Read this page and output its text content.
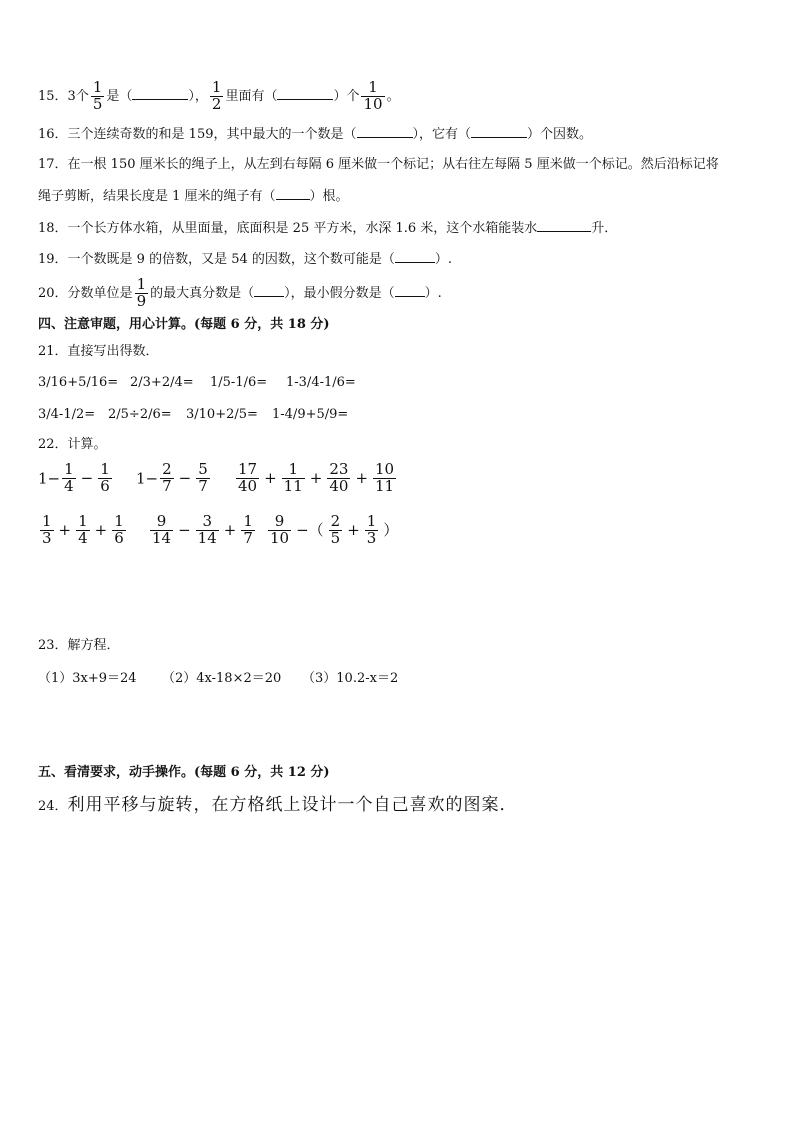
15．3个 $\frac{1}{5}$ 是（	）， $\frac{1}{2}$ 里面有（	）个 $\frac{1}{10}$ 。
16．三个连续奇数的和是 159，其中最大的一个数是（	），它有（	）个因数。
17．在一根 150 厘米长的绳子上，从左到右每隔 6 厘米做一个标记；从右往左每隔 5 厘米做一个标记。然后沿标记将
绳子剪断，结果长度是 1 厘米的绳子有（	）根。
18．一个长方体水箱，从里面量，底面积是 25 平方米，水深 1.6 米，这个水箱能装水	升．
19．一个数既是 9 的倍数，又是 54 的因数，这个数可能是（	）.
20．分数单位是 $\frac{1}{9}$ 的最大真分数是（ ），最小假分数是（ ）.
四、注意审题，用心计算。(每题 6 分，共 18 分)
21．直接写出得数．
3/16+5/16= 2/3+2/4= 1/5-1/6= 1-3/4-1/6=
3/4-1/2= 2/5÷2/6= 3/10+2/5= 1-4/9+5/9=
22．计算。
$1- \frac{1}{4} - \frac{1}{6} 1- \frac{2}{7} - \frac{5}{7} \frac{17}{40} + \frac{1}{11} + \frac{23}{40} + \frac{10}{11}$
$\frac{1}{3} + \frac{1}{4} + \frac{1}{6} \frac{9}{14} - \frac{3}{14} + \frac{1}{7} \frac{9}{10}$ −（ $\frac{2}{5} + \frac{1}{3}$ ）
23．解方程．
（1）3x+9＝24 （2）4x-18×2＝20 （3）10.2-x＝2
五、看清要求，动手操作。(每题 6 分，共 12 分)
24．利用平移与旋转，在方格纸上设计一个自己喜欢的图案．
